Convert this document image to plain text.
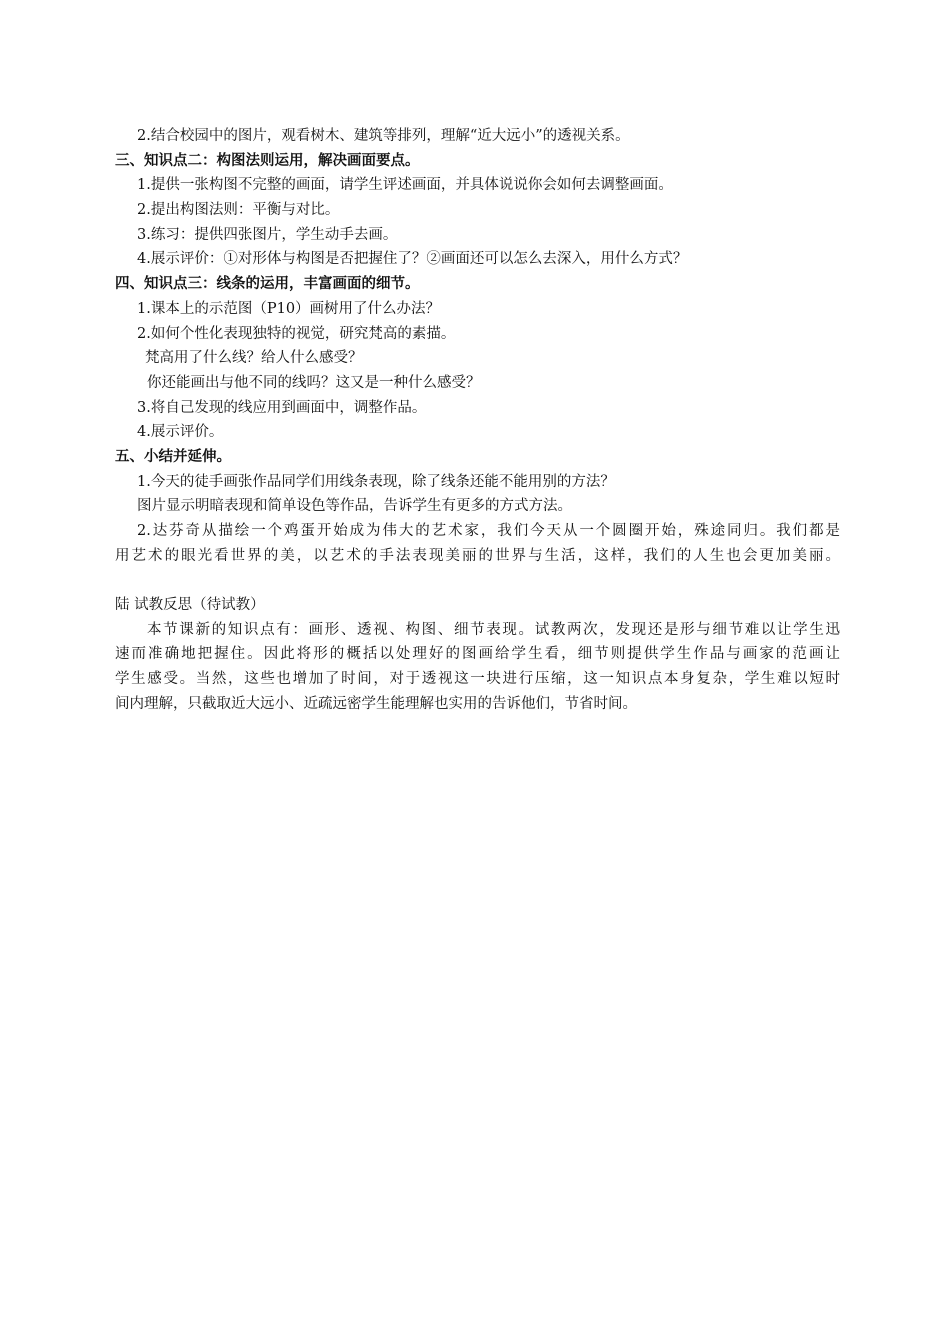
2.结合校园中的图片，观看树木、建筑等排列，理解“近大远小”的透视关系。
三、知识点二：构图法则运用，解决画面要点。
1.提供一张构图不完整的画面，请学生评述画面，并具体说说你会如何去调整画面。
2.提出构图法则：平衡与对比。
3.练习：提供四张图片，学生动手去画。
4.展示评价：①对形体与构图是否把握住了？②画面还可以怎么去深入，用什么方式？
四、知识点三：线条的运用，丰富画面的细节。
1.课本上的示范图（P10）画树用了什么办法？
2.如何个性化表现独特的视觉，研究梵高的素描。
梵高用了什么线？给人什么感受？
你还能画出与他不同的线吗？这又是一种什么感受？
3.将自己发现的线应用到画面中，调整作品。
4.展示评价。
五、小结并延伸。
1.今天的徒手画张作品同学们用线条表现，除了线条还能不能用别的方法？
图片显示明暗表现和简单设色等作品，告诉学生有更多的方式方法。
2.达芬奇从描绘一个鸡蛋开始成为伟大的艺术家，我们今天从一个圆圈开始，殊途同归。我们都是
用艺术的眼光看世界的美，以艺术的手法表现美丽的世界与生活，这样，我们的人生也会更加美丽。
陆 试教反思（待试教）
本节课新的知识点有：画形、透视、构图、细节表现。试教两次，发现还是形与细节难以让学生迅
速而准确地把握住。因此将形的概括以处理好的图画给学生看，细节则提供学生作品与画家的范画让
学生感受。当然，这些也增加了时间，对于透视这一块进行压缩，这一知识点本身复杂，学生难以短时
间内理解，只截取近大远小、近疏远密学生能理解也实用的告诉他们，节省时间。
